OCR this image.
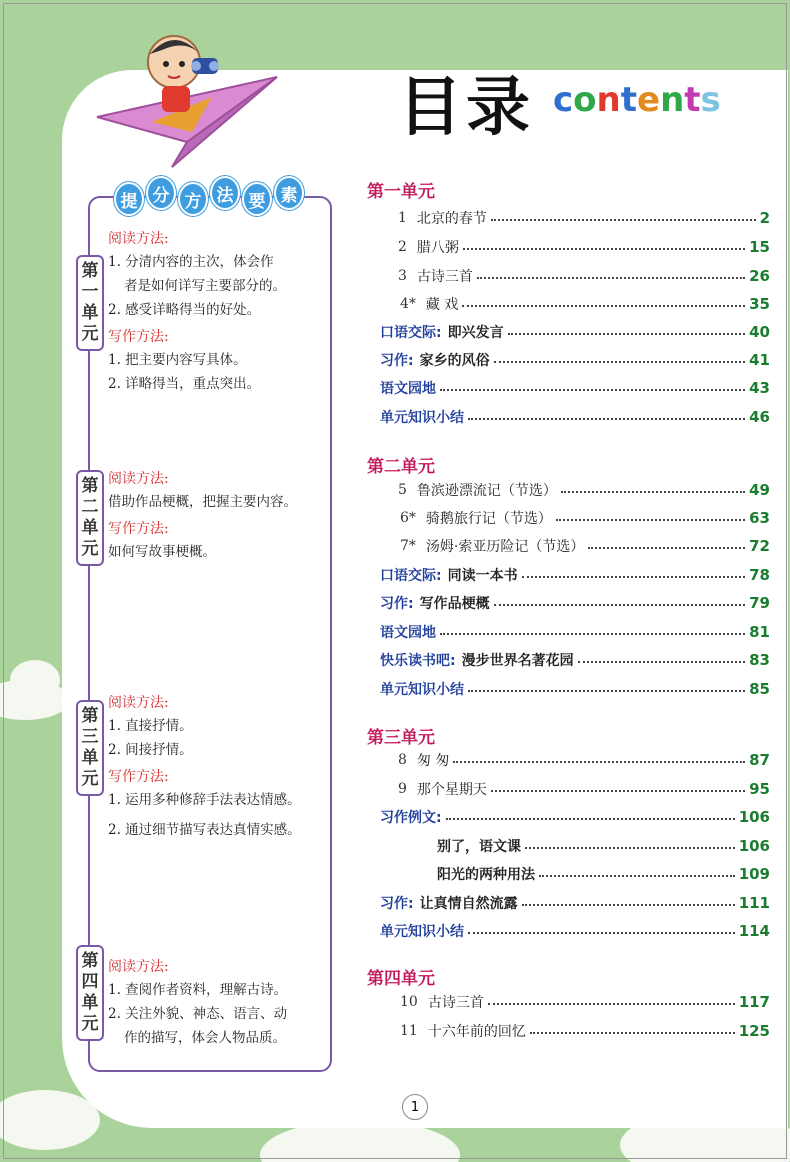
目录 contents
提 分 方 法 要 素
第
一
单
元
阅读方法:
1. 分清内容的主次，体会作
者是如何详写主要部分的。
2. 感受详略得当的好处。
写作方法:
1. 把主要内容写具体。
2. 详略得当，重点突出。
第
二
单
元
阅读方法:
借助作品梗概，把握主要内容。
写作方法:
如何写故事梗概。
第
三
单
元
阅读方法:
1. 直接抒情。
2. 间接抒情。
写作方法:
1. 运用多种修辞手法表达情感。
2. 通过细节描写表达真情实感。
第
四
单
元
阅读方法:
1. 查阅作者资料，理解古诗。
2. 关注外貌、神态、语言、动
作的描写，体会人物品质。
第一单元
第二单元
第三单元
第四单元
1 北京的春节	2
2 腊八粥	15
3 古诗三首	26
4* 藏 戏	35
口语交际: 即兴发言	40
习作: 家乡的风俗	41
语文园地	43
单元知识小结	46
5 鲁滨逊漂流记（节选）	49
6* 骑鹅旅行记（节选）	63
7* 汤姆·索亚历险记（节选）	72
口语交际: 同读一本书	78
习作: 写作品梗概	79
语文园地	81
快乐读书吧: 漫步世界名著花园	83
单元知识小结	85
8 匆 匆	87
9 那个星期天	95
习作例文:	106
别了，语文课	106
阳光的两种用法	109
习作: 让真情自然流露	111
单元知识小结	114
10 古诗三首	117
11 十六年前的回忆	125
1
